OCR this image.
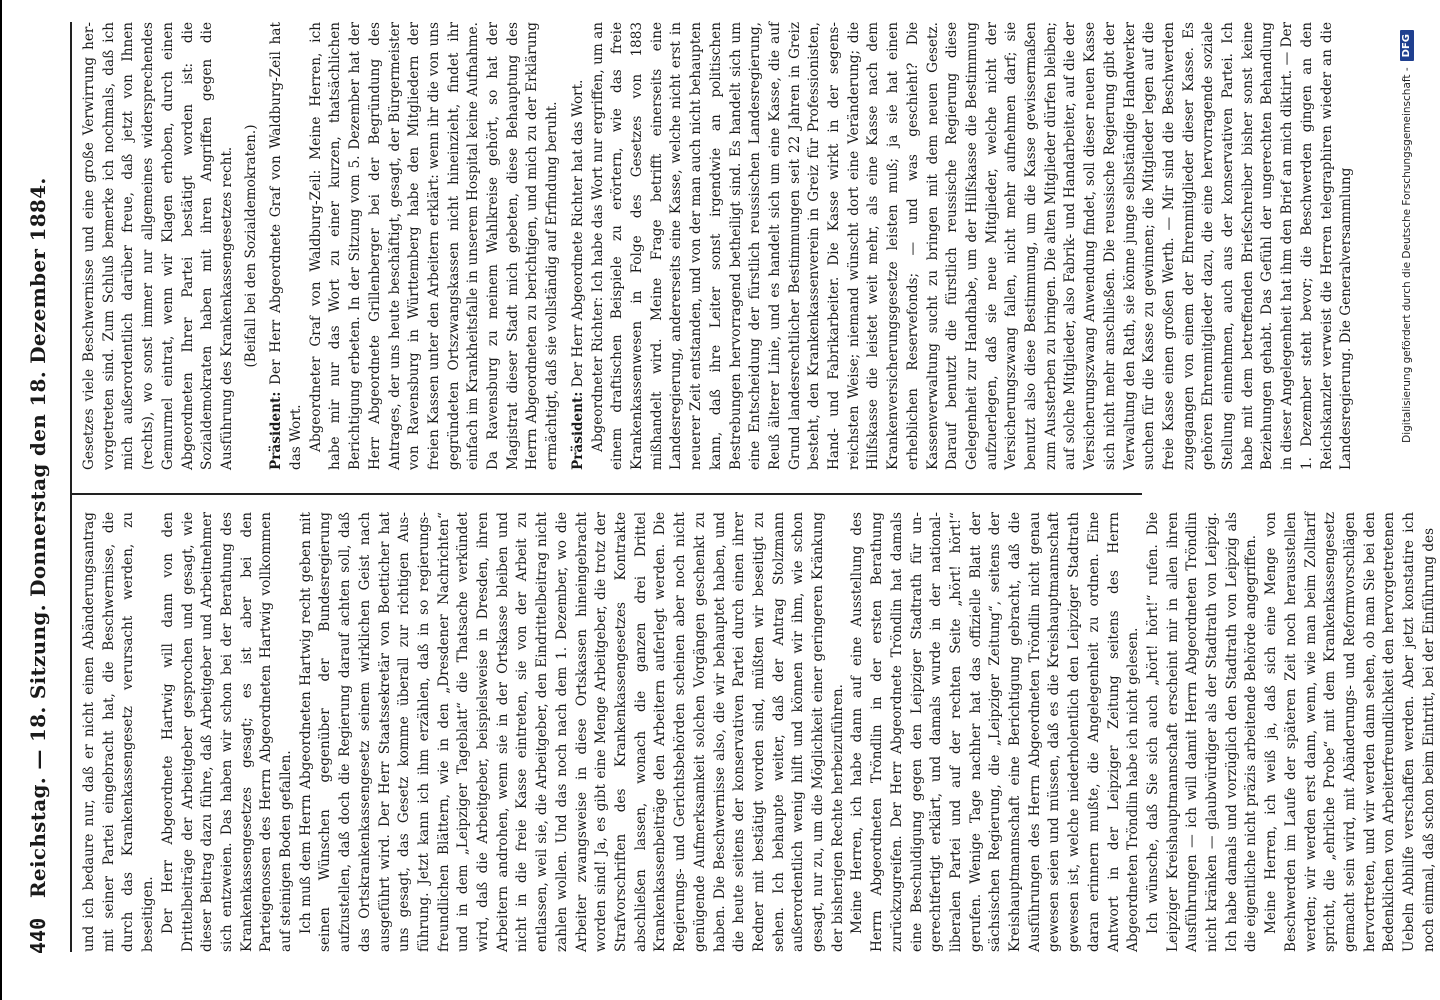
440
Reichstag. — 18. Sitzung. Donnerstag den 18. Dezember 1884. und ich bedaure nur, daß er nicht einen Abänderungsantrag mit seiner Partei eingebracht hat, die Beschwernisse, die durch das Krankenkassengesetz verursacht werden, zu beseitigen. Der Herr Abgeordnete Hartwig will dann von den Drittelbeiträge der Arbeitgeber gesprochen und gesagt, wie dieser Beitrag dazu führe, daß Arbeitgeber und Arbeitnehmer sich entzweien. Das haben wir schon bei der Berathung des Krankenkassengesetzes gesagt; es ist aber bei den Parteigenossen des Herrn Abgeordneten Hartwig vollkommen auf steinigen Boden gefallen. Ich muß dem Herrn Abgeordneten Hartwig recht geben mit seinen Wünschen gegenüber der Bundesregierung aufzustellen, daß doch die Regierung darauf achten soll, daß das Ortskrankenkassengesetz seinem wirklichen Geist nach ausgeführt wird. Der Herr Staatssekretär von Boetticher hat uns gesagt, das Gesetz komme überall zur richtigen Ausführung. Jetzt kann ich ihm erzählen, daß in so regierungsfreundlichen Blättern, wie in den „Dresdener Nachrichten“ und in dem „Leipziger Tageblatt“ die Thatsache verkündet wird, daß die Arbeitgeber, beispielsweise in Dresden, ihren Arbeitern androhen, wenn sie in der Ortskasse bleiben und nicht in die freie Kasse eintreten, sie von der Arbeit zu entlassen, weil sie, die Arbeitgeber, den Eindrittelbeitrag nicht zahlen wollen. Und das noch nach dem 1. Dezember, wo die Arbeiter zwangsweise in diese Ortskassen hineingebracht worden sind! Ja, es gibt eine Menge Arbeitgeber, die trotz der Strafvorschriften des Krankenkassengesetzes Kontrakte abschließen lassen, wonach die ganzen drei Drittel Krankenkassenbeiträge den Arbeitern auferlegt werden. Die Regierungs- und Gerichtsbehörden scheinen aber noch nicht genügende Aufmerksamkeit solchen Vorgängen geschenkt zu haben. Die Beschwernisse also, die wir behauptet haben, und die heute seitens der konservativen Partei durch einen ihrer Redner mit bestätigt worden sind, müßten wir beseitigt zu sehen. Ich behaupte weiter, daß der Antrag Stolzmann außerordentlich wenig hilft und können wir ihm, wie schon gesagt, nur zu, um die Möglichkeit einer geringeren Kränkung der bisherigen Rechte herbeizuführen. Meine Herren, ich habe dann auf eine Ausstellung des Herrn Abgeordneten Tröndlin in der ersten Berathung zurückzugreifen. Der Herr Abgeordnete Tröndlin hat damals eine Beschuldigung gegen den Leipziger Stadtrath für ungerechtfertigt erklärt, und damals wurde in der nationalliberalen Partei und auf der rechten Seite „hört! hört!“ gerufen. Wenige Tage nachher hat das offizielle Blatt der sächsischen Regierung, die „Leipziger Zeitung“, seitens der Kreishauptmannschaft eine Berichtigung gebracht, daß die Ausführungen des Herrn Abgeordneten Tröndlin nicht genau gewesen seien und müssen, daß es die Kreishauptmannschaft gewesen ist, welche niederholentlich den Leipziger Stadtrath daran erinnern mußte, die Angelegenheit zu ordnen. Eine Antwort in der Leipziger Zeitung seitens des Herrn Abgeordneten Tröndlin habe ich nicht gelesen. Ich wünsche, daß Sie sich auch „hört! hört!“ rufen. Die Leipziger Kreishauptmannschaft erscheint mir in allen ihren Ausführungen — ich will damit Herrn Abgeordneten Tröndlin nicht kränken — glaubwürdiger als der Stadtrath von Leipzig. Ich habe damals und vorzüglich den Stadtrath von Leipzig als die eigentliche nicht präzis arbeitende Behörde angegriffen. Meine Herren, ich weiß ja, daß sich eine Menge von Beschwerden im Laufe der späteren Zeit noch herausstellen werden; wir werden erst dann, wenn, wie man beim Zolltarif spricht, die „ehrliche Probe“ mit dem Krankenkassengesetz gemacht sein wird, mit Abänderungs- und Reformvorschlägen hervortreten, und wir werden dann sehen, ob man Sie bei den Bedenklichen von Arbeiterfreundlichkeit den hervorgetretenen Uebeln Abhilfe verschaffen werden. Aber jetzt konstatire ich noch einmal, daß schon beim Eintritt, bei der Einführung des

Gesetzes viele Beschwernisse und eine große Verwirrung hervorgetreten sind. Zum Schluß bemerke ich nochmals, daß ich mich außerordentlich darüber freue, daß jetzt von Ihnen (rechts), wo sonst immer nur allgemeines widersprechendes Gemurmel eintrat, wenn wir Klagen erhoben, durch einen Abgeordneten Ihrer Partei bestätigt worden ist: die Sozialdemokraten haben mit ihren Angriffen gegen die Ausführung des Krankenkassengesetzes recht. (Beifall bei den Sozialdemokraten.)

Präsident: Der Herr Abgeordnete Graf von Waldburg-Zeil hat das Wort. Abgeordneter Graf von Waldburg-Zeil: Meine Herren, ich habe mir nur das Wort zu einer kurzen, thatsächlichen Berichtigung erbeten. In der Sitzung vom 5. Dezember hat der Herr Abgeordnete Grillenberger bei der Begründung des Antrages, der uns heute beschäftigt, gesagt, der Bürgermeister von Ravensburg in Württemberg habe den Mitgliedern der freien Kassen unter den Arbeitern erklärt: wenn ihr die von uns gegründeten Ortszwangskassen nicht hineinzieht, findet ihr einfach im Krankheitsfalle in unserem Hospital keine Aufnahme. Da Ravensburg zu meinem Wahlkreise gehört, so hat der Magistrat dieser Stadt mich gebeten, diese Behauptung des Herrn Abgeordneten zu berichtigen, und mich zu der Erklärung ermächtigt, daß sie vollständig auf Erfindung beruht. Präsident: Der Herr Abgeordnete Richter hat das Wort. Abgeordneter Richter: Ich habe das Wort nur ergriffen, um an einem draftischen Beispiele zu erörtern, wie das freie Krankenkassenwesen in Folge des Gesetzes von 1883 mißhandelt wird. Meine Frage betrifft einerseits eine Landesregierung, andererseits eine Kasse, welche nicht erst in neuerer Zeit entstanden, und von der man auch nicht behaupten kann, daß ihre Leiter sonst irgendwie an politischen Bestrebungen hervorragend betheiligt sind. Es handelt sich um eine Entscheidung der fürstlich reussischen Landesregierung, Reuß älterer Linie, und es handelt sich um eine Kasse, die auf Grund landesrechtlicher Bestimmungen seit 22 Jahren in Greiz besteht, den Krankenkassenverein in Greiz für Professionisten, Hand- und Fabrikarbeiter. Die Kasse wirkt in der segensreichsten Weise; niemand wünscht dort eine Veränderung; die Hilfskasse die leistet weit mehr, als eine Kasse nach dem Krankenversicherungsgesetze leisten muß; ja sie hat einen erheblichen Reservefonds; — und was geschieht? Die Kassenverwaltung sucht zu bringen mit dem neuen Gesetz. Darauf benutzt die fürstlich reussische Regierung diese Gelegenheit zur Handhabe, um der Hilfskasse die Bestimmung aufzuerlegen, daß sie neue Mitglieder, welche nicht der Versicherungszwang fallen, nicht mehr aufnehmen darf; sie benutzt also diese Bestimmung, um die Kasse gewissermaßen zum Aussterben zu bringen. Die alten Mitglieder dürfen bleiben; auf solche Mitglieder, also Fabrik- und Handarbeiter, auf die der Versicherungszwang Anwendung findet, soll dieser neuen Kasse sich nicht mehr anschließen. Die reussische Regierung gibt der Verwaltung den Rath, sie könne junge selbständige Handwerker suchen für die Kasse zu gewinnen; die Mitglieder legen auf die freie Kasse einen großen Werth. — Mir sind die Beschwerden zugegangen von einem der Ehrenmitglieder dieser Kasse. Es gehören Ehrenmitglieder dazu, die eine hervorragende soziale Stellung einnehmen, auch aus der konservativen Partei. Ich habe mit dem betreffenden Briefschreiber bisher sonst keine Beziehungen gehabt. Das Gefühl der ungerechten Behandlung in dieser Angelegenheit hat ihm den Brief an mich diktirt. — Der 1. Dezember steht bevor; die Beschwerden gingen an den Reichskanzler verweist die Herren telegraphiren wieder an die Landesregierung. Die Generalversammlung	Digitalisierung gefördert durch die Deutsche Forschungsgemeinschaft -
DFG
